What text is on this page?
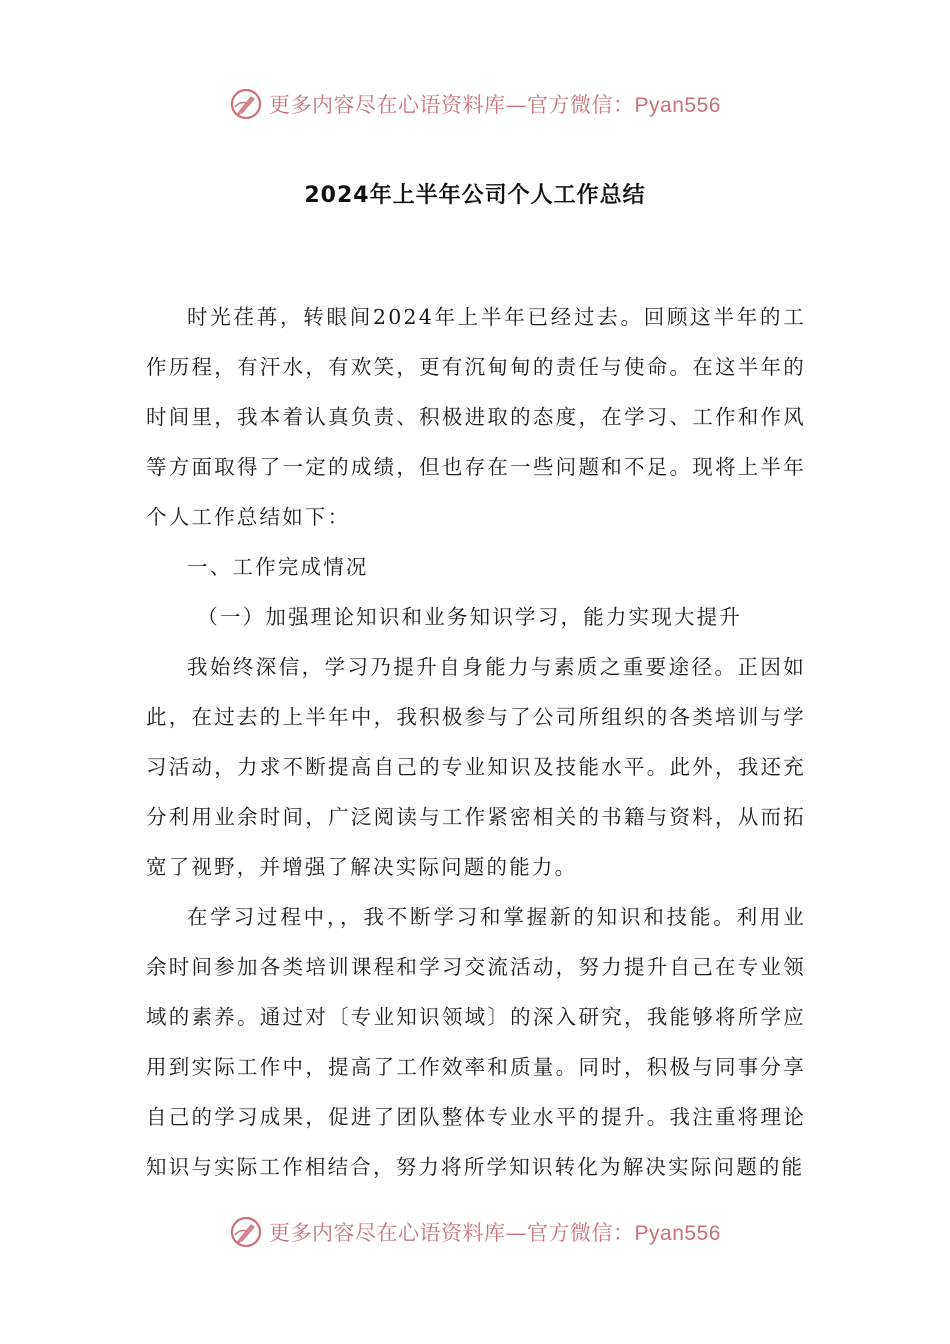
更多内容尽在心语资料库—官方微信：Pyan556
2024年上半年公司个人工作总结

时光荏苒，转眼间2024年上半年已经过去。回顾这半年的工作历程，有汗水，有欢笑，更有沉甸甸的责任与使命。在这半年的时间里，我本着认真负责、积极进取的态度，在学习、工作和作风等方面取得了一定的成绩，但也存在一些问题和不足。现将上半年个人工作总结如下：

一、工作完成情况

（一）加强理论知识和业务知识学习，能力实现大提升

我始终深信，学习乃提升自身能力与素质之重要途径。正因如此，在过去的上半年中，我积极参与了公司所组织的各类培训与学习活动，力求不断提高自己的专业知识及技能水平。此外，我还充分利用业余时间，广泛阅读与工作紧密相关的书籍与资料，从而拓宽了视野，并增强了解决实际问题的能力。

在学习过程中，，我不断学习和掌握新的知识和技能。利用业余时间参加各类培训课程和学习交流活动，努力提升自己在专业领域的素养。通过对〔专业知识领域〕的深入研究，我能够将所学应用到实际工作中，提高了工作效率和质量。同时，积极与同事分享自己的学习成果，促进了团队整体专业水平的提升。我注重将理论知识与实际工作相结合，努力将所学知识转化为解决实际问题的能

更多内容尽在心语资料库—官方微信：Pyan556
